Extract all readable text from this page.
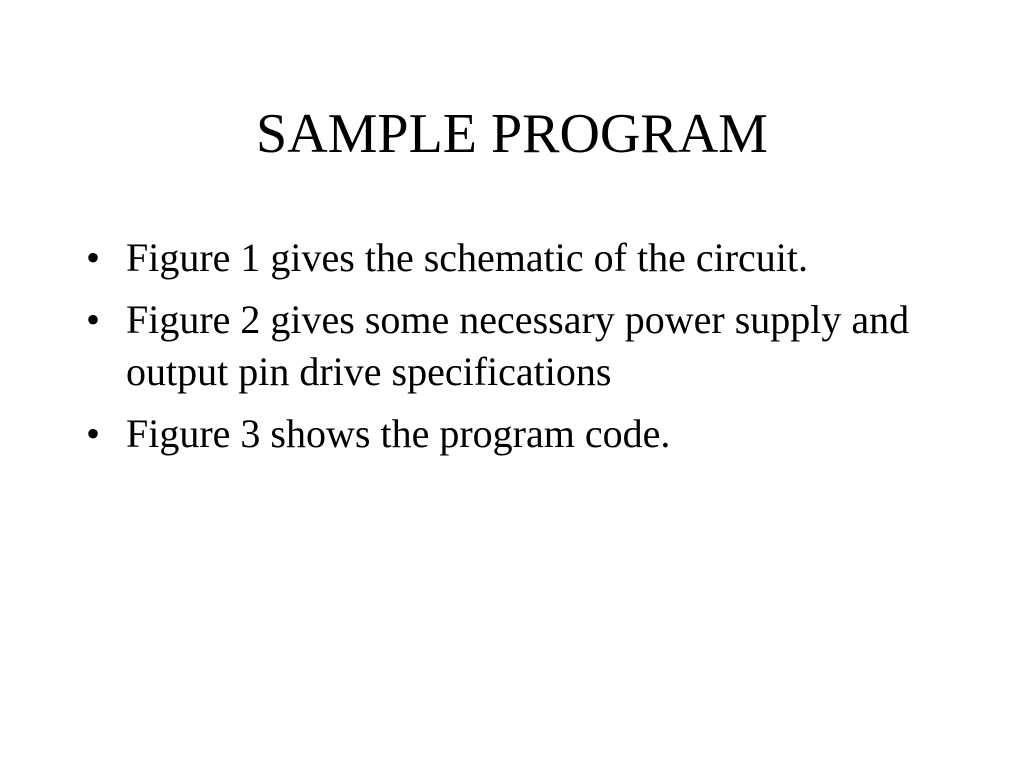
SAMPLE PROGRAM
• Figure 1 gives the schematic of the circuit.
• Figure 2 gives some necessary power supply and output pin drive specifications
• Figure 3 shows the program code.
